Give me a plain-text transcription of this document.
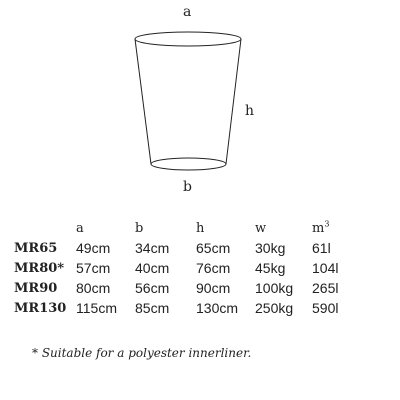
a
h
b
	a	b	h	w	$m^3$
MR65	49cm	34cm	65cm	30kg	61l
MR80*	57cm	40cm	76cm	45kg	104l
MR90	80cm	56cm	90cm	100kg	265l
MR130	115cm	85cm	130cm	250kg	590l
* Suitable for a polyester innerliner.
